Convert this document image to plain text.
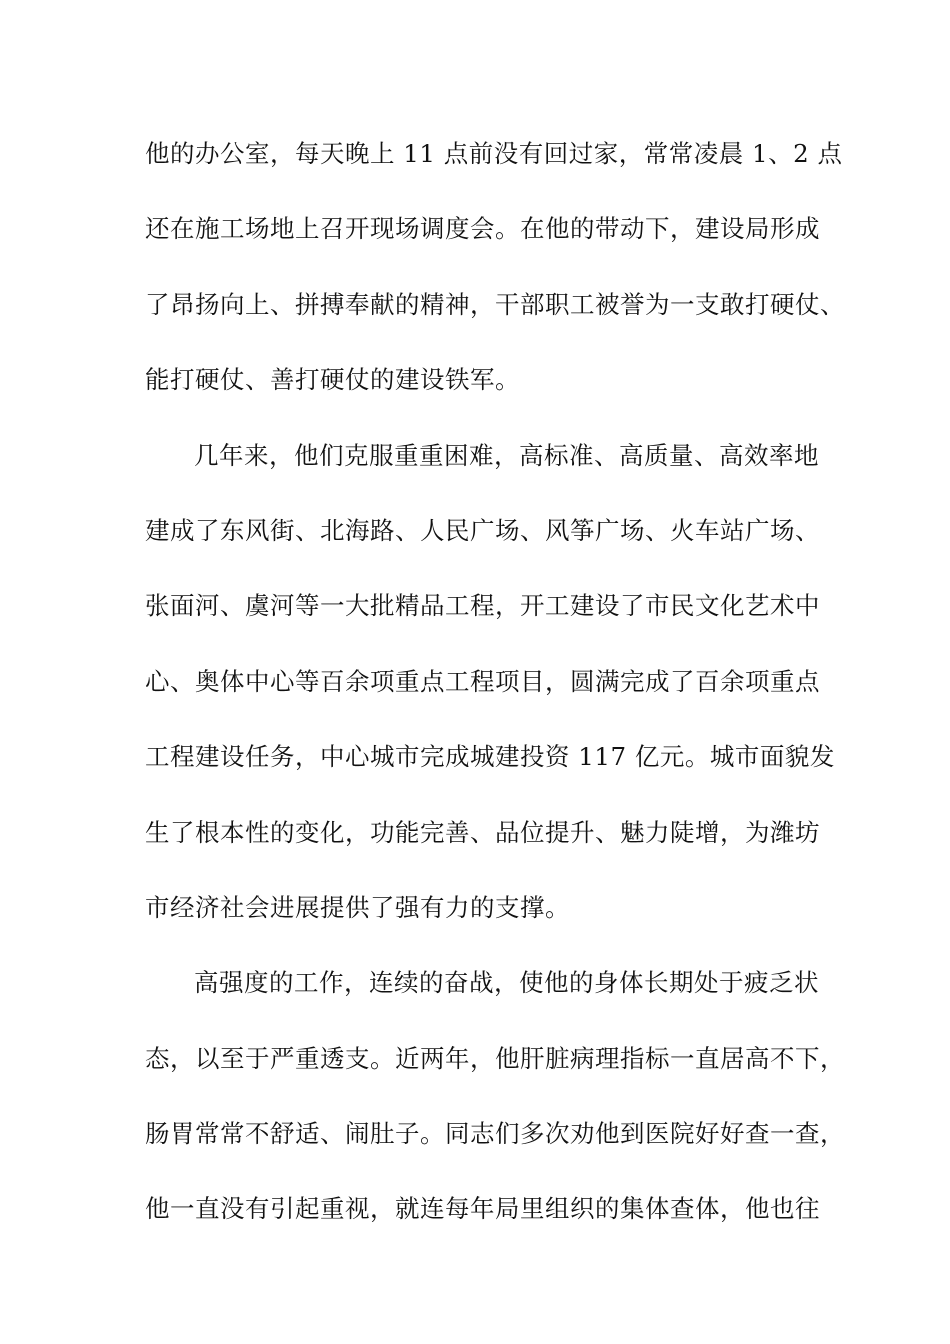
他的办公室，每天晚上 11 点前没有回过家，常常凌晨 1、2 点
还在施工场地上召开现场调度会。在他的带动下，建设局形成
了昂扬向上、拼搏奉献的精神，干部职工被誉为一支敢打硬仗、
能打硬仗、善打硬仗的建设铁军。
几年来，他们克服重重困难，高标准、高质量、高效率地
建成了东风街、北海路、人民广场、风筝广场、火车站广场、
张面河、虞河等一大批精品工程，开工建设了市民文化艺术中
心、奥体中心等百余项重点工程项目，圆满完成了百余项重点
工程建设任务，中心城市完成城建投资 117 亿元。城市面貌发
生了根本性的变化，功能完善、品位提升、魅力陡增，为潍坊
市经济社会进展提供了强有力的支撑。
高强度的工作，连续的奋战，使他的身体长期处于疲乏状
态，以至于严重透支。近两年，他肝脏病理指标一直居高不下，
肠胃常常不舒适、闹肚子。同志们多次劝他到医院好好查一查，
他一直没有引起重视，就连每年局里组织的集体查体，他也往
